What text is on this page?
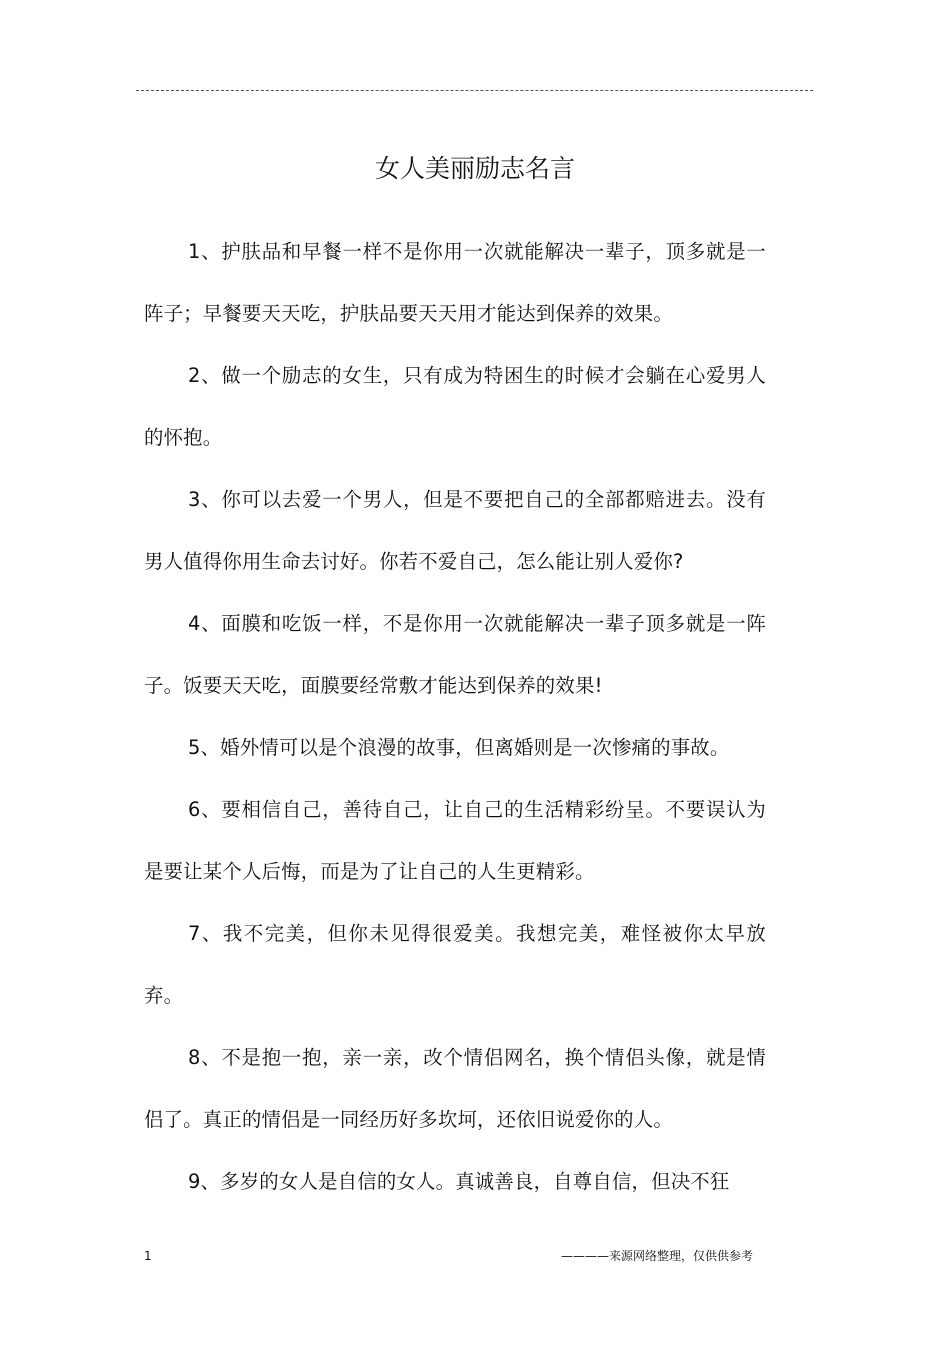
女人美丽励志名言

1、护肤品和早餐一样不是你用一次就能解决一辈子，顶多就是一阵子；早餐要天天吃，护肤品要天天用才能达到保养的效果。

2、做一个励志的女生，只有成为特困生的时候才会躺在心爱男人的怀抱。

3、你可以去爱一个男人，但是不要把自己的全部都赔进去。没有男人值得你用生命去讨好。你若不爱自己，怎么能让别人爱你?

4、面膜和吃饭一样，不是你用一次就能解决一辈子顶多就是一阵子。饭要天天吃，面膜要经常敷才能达到保养的效果!

5、婚外情可以是个浪漫的故事，但离婚则是一次惨痛的事故。

6、要相信自己，善待自己，让自己的生活精彩纷呈。不要误认为是要让某个人后悔，而是为了让自己的人生更精彩。

7、我不完美，但你未见得很爱美。我想完美，难怪被你太早放弃。

8、不是抱一抱，亲一亲，改个情侣网名，换个情侣头像，就是情侣了。真正的情侣是一同经历好多坎坷，还依旧说爱你的人。

9、多岁的女人是自信的女人。真诚善良，自尊自信，但决不狂

1	————来源网络整理，仅供供参考
